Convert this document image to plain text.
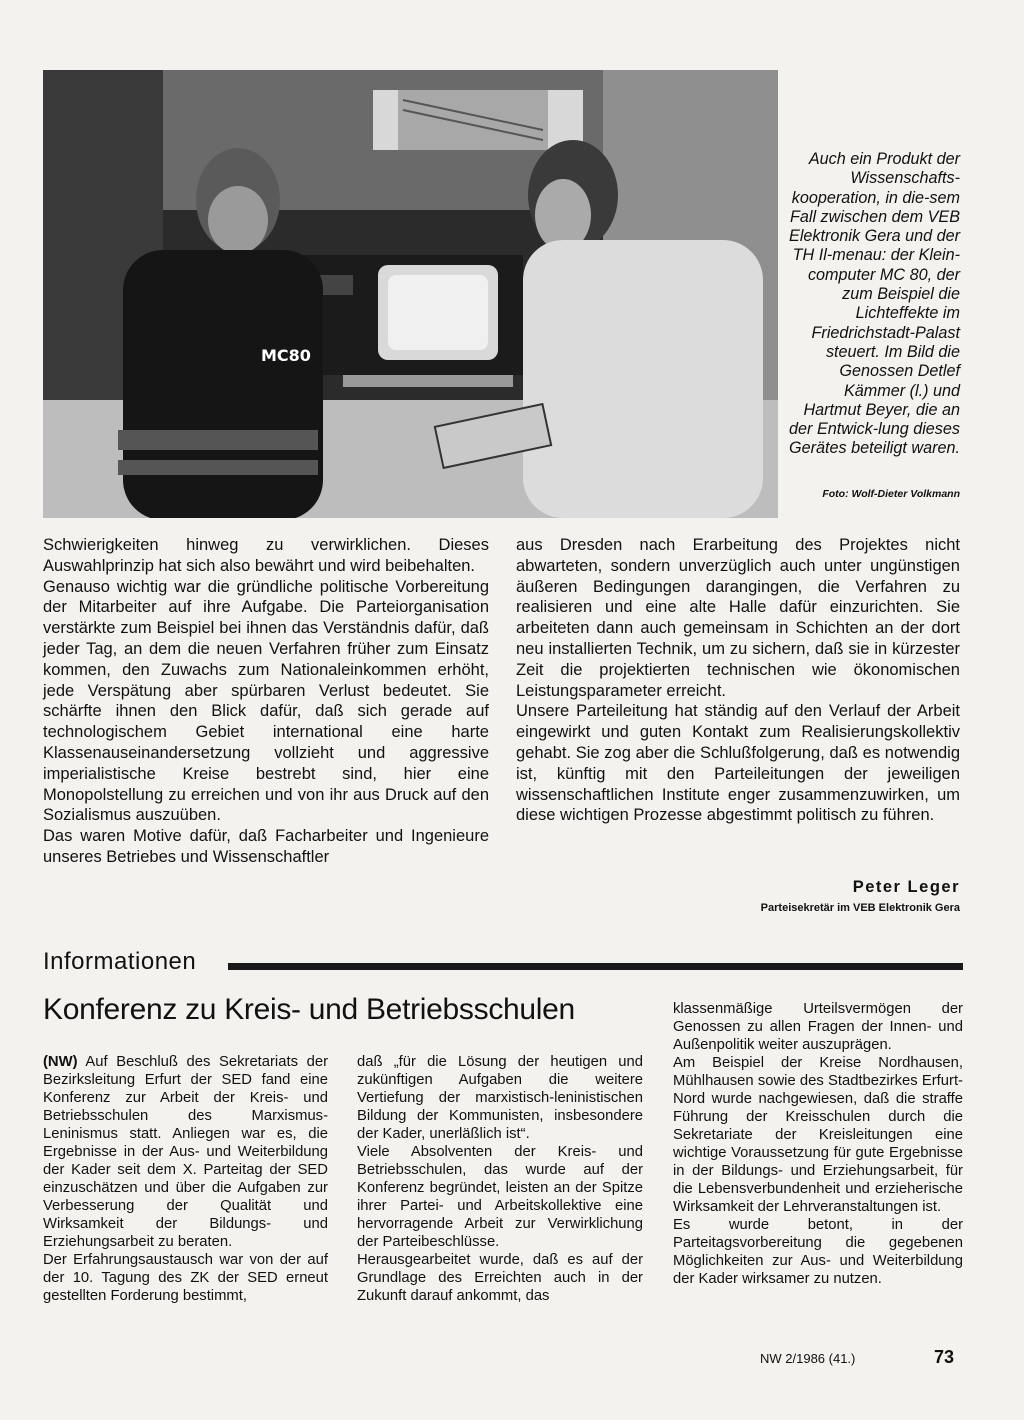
MC80
Auch ein Produkt der Wissenschafts-kooperation, in die-sem Fall zwischen dem VEB Elektronik Gera und der TH Il-menau: der Klein-computer MC 80, der zum Beispiel die Lichteffekte im Friedrichstadt-Palast steuert. Im Bild die Genossen Detlef Kämmer (l.) und Hartmut Beyer, die an der Entwick-lung dieses Gerätes beteiligt waren.
Foto: Wolf-Dieter Volkmann

Schwierigkeiten hinweg zu verwirklichen. Dieses Auswahlprinzip hat sich also bewährt und wird beibehalten.

Genauso wichtig war die gründliche politische Vorbereitung der Mitarbeiter auf ihre Aufgabe. Die Parteiorganisation verstärkte zum Beispiel bei ihnen das Verständnis dafür, daß jeder Tag, an dem die neuen Verfahren früher zum Einsatz kommen, den Zuwachs zum Nationaleinkommen erhöht, jede Verspätung aber spürbaren Verlust bedeutet. Sie schärfte ihnen den Blick dafür, daß sich gerade auf technologischem Gebiet international eine harte Klassenauseinandersetzung vollzieht und aggressive imperialistische Kreise bestrebt sind, hier eine Monopolstellung zu erreichen und von ihr aus Druck auf den Sozialismus auszuüben.

Das waren Motive dafür, daß Facharbeiter und Ingenieure unseres Betriebes und Wissenschaftler

aus Dresden nach Erarbeitung des Projektes nicht abwarteten, sondern unverzüglich auch unter ungünstigen äußeren Bedingungen darangingen, die Verfahren zu realisieren und eine alte Halle dafür einzurichten. Sie arbeiteten dann auch gemeinsam in Schichten an der dort neu installierten Technik, um zu sichern, daß sie in kürzester Zeit die projektierten technischen wie ökonomischen Leistungsparameter erreicht.

Unsere Parteileitung hat ständig auf den Verlauf der Arbeit eingewirkt und guten Kontakt zum Realisierungskollektiv gehabt. Sie zog aber die Schlußfolgerung, daß es notwendig ist, künftig mit den Parteileitungen der jeweiligen wissenschaftlichen Institute enger zusammenzuwirken, um diese wichtigen Prozesse abgestimmt politisch zu führen.

Peter Leger
Parteisekretär im VEB Elektronik Gera
Informationen
Konferenz zu Kreis- und Betriebsschulen

(NW) Auf Beschluß des Sekretariats der Bezirksleitung Erfurt der SED fand eine Konferenz zur Arbeit der Kreis- und Betriebsschulen des Marxismus-Leninismus statt. Anliegen war es, die Ergebnisse in der Aus- und Weiterbildung der Kader seit dem X. Parteitag der SED einzuschätzen und über die Aufgaben zur Verbesserung der Qualität und Wirksamkeit der Bildungs- und Erziehungsarbeit zu beraten.

Der Erfahrungsaustausch war von der auf der 10. Tagung des ZK der SED erneut gestellten Forderung bestimmt,

daß „für die Lösung der heutigen und zukünftigen Aufgaben die weitere Vertiefung der marxistisch-leninistischen Bildung der Kommunisten, insbesondere der Kader, unerläßlich ist“.

Viele Absolventen der Kreis- und Betriebsschulen, das wurde auf der Konferenz begründet, leisten an der Spitze ihrer Partei- und Arbeitskollektive eine hervorragende Arbeit zur Verwirklichung der Parteibeschlüsse.

Herausgearbeitet wurde, daß es auf der Grundlage des Erreichten auch in der Zukunft darauf ankommt, das

klassenmäßige Urteilsvermögen der Genossen zu allen Fragen der Innen- und Außenpolitik weiter auszuprägen.

Am Beispiel der Kreise Nordhausen, Mühlhausen sowie des Stadtbezirkes Erfurt-Nord wurde nachgewiesen, daß die straffe Führung der Kreisschulen durch die Sekretariate der Kreisleitungen eine wichtige Voraussetzung für gute Ergebnisse in der Bildungs- und Erziehungsarbeit, für die Lebensverbundenheit und erzieherische Wirksamkeit der Lehrveranstaltungen ist.

Es wurde betont, in der Parteitagsvorbereitung die gegebenen Möglichkeiten zur Aus- und Weiterbildung der Kader wirksamer zu nutzen.

NW 2/1986 (41.)	73
